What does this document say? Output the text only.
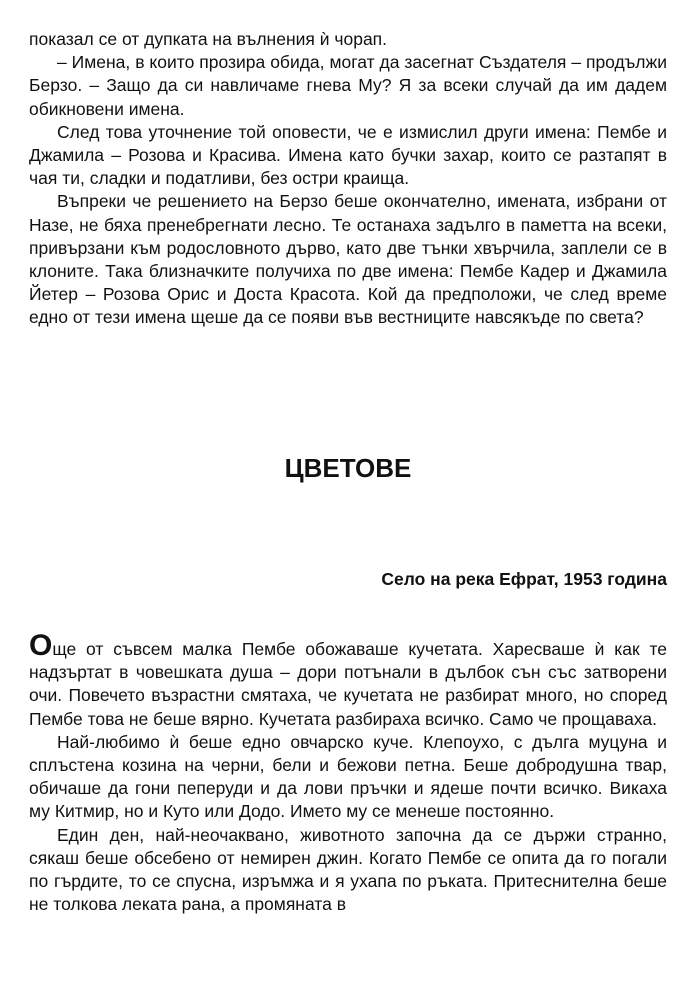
показал се от дупката на вълнения ѝ чорап.

– Имена, в които прозира обида, могат да засегнат Създателя – продължи Берзо. – Защо да си навличаме гнева Му? Я за всеки случай да им дадем обикновени имена.

След това уточнение той оповести, че е измислил други имена: Пембе и Джамила – Розова и Красива. Имена като бучки захар, които се разтапят в чая ти, сладки и податливи, без остри краища.

Въпреки че решението на Берзо беше окончателно, имената, избрани от Назе, не бяха пренебрегнати лесно. Те останаха задълго в паметта на всеки, привързани към родословното дърво, като две тънки хвърчила, заплели се в клоните. Така близначките получиха по две имена: Пембе Кадер и Джамила Йетер – Розова Орис и Доста Красота. Кой да предположи, че след време едно от тези имена щеше да се появи във вестниците навсякъде по света?

ЦВЕТОВЕ

Село на река Ефрат, 1953 година

Още от съвсем малка Пембе обожаваше кучетата. Харесваше ѝ как те надзъртат в човешката душа – дори потънали в дълбок сън със затворени очи. Повечето възрастни смятаха, че кучетата не разбират много, но според Пембе това не беше вярно. Кучетата разбираха всичко. Само че прощаваха.

Най-любимо ѝ беше едно овчарско куче. Клепоухо, с дълга муцуна и сплъстена козина на черни, бели и бежови петна. Беше добродушна твар, обичаше да гони пеперуди и да лови пръчки и ядеше почти всичко. Викаха му Китмир, но и Куто или Додо. Името му се менеше постоянно.

Един ден, най-неочаквано, животното започна да се държи странно, сякаш беше обсебено от немирен джин. Когато Пембе се опита да го погали по гърдите, то се спусна, изръмжа и я ухапа по ръката. Притеснителна беше не толкова леката рана, а промяната в
